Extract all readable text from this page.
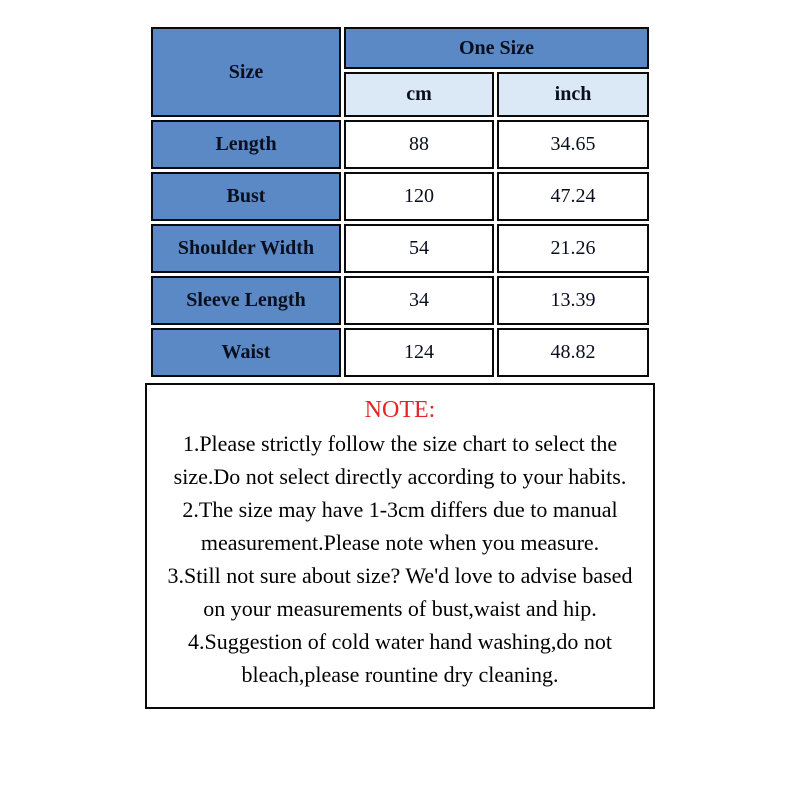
Size	One Size	
	cm	inch
Length	88	34.65
Bust	120	47.24
Shoulder Width	54	21.26
Sleeve Length	34	13.39
Waist	124	48.82
NOTE:
1.Please strictly follow the size chart to select the size.Do not select directly according to your habits.
2.The size may have 1-3cm differs due to manual measurement.Please note when you measure.
3.Still not sure about size? We'd love to advise based on your measurements of bust,waist and hip.
4.Suggestion of cold water hand washing,do not bleach,please rountine dry cleaning.
